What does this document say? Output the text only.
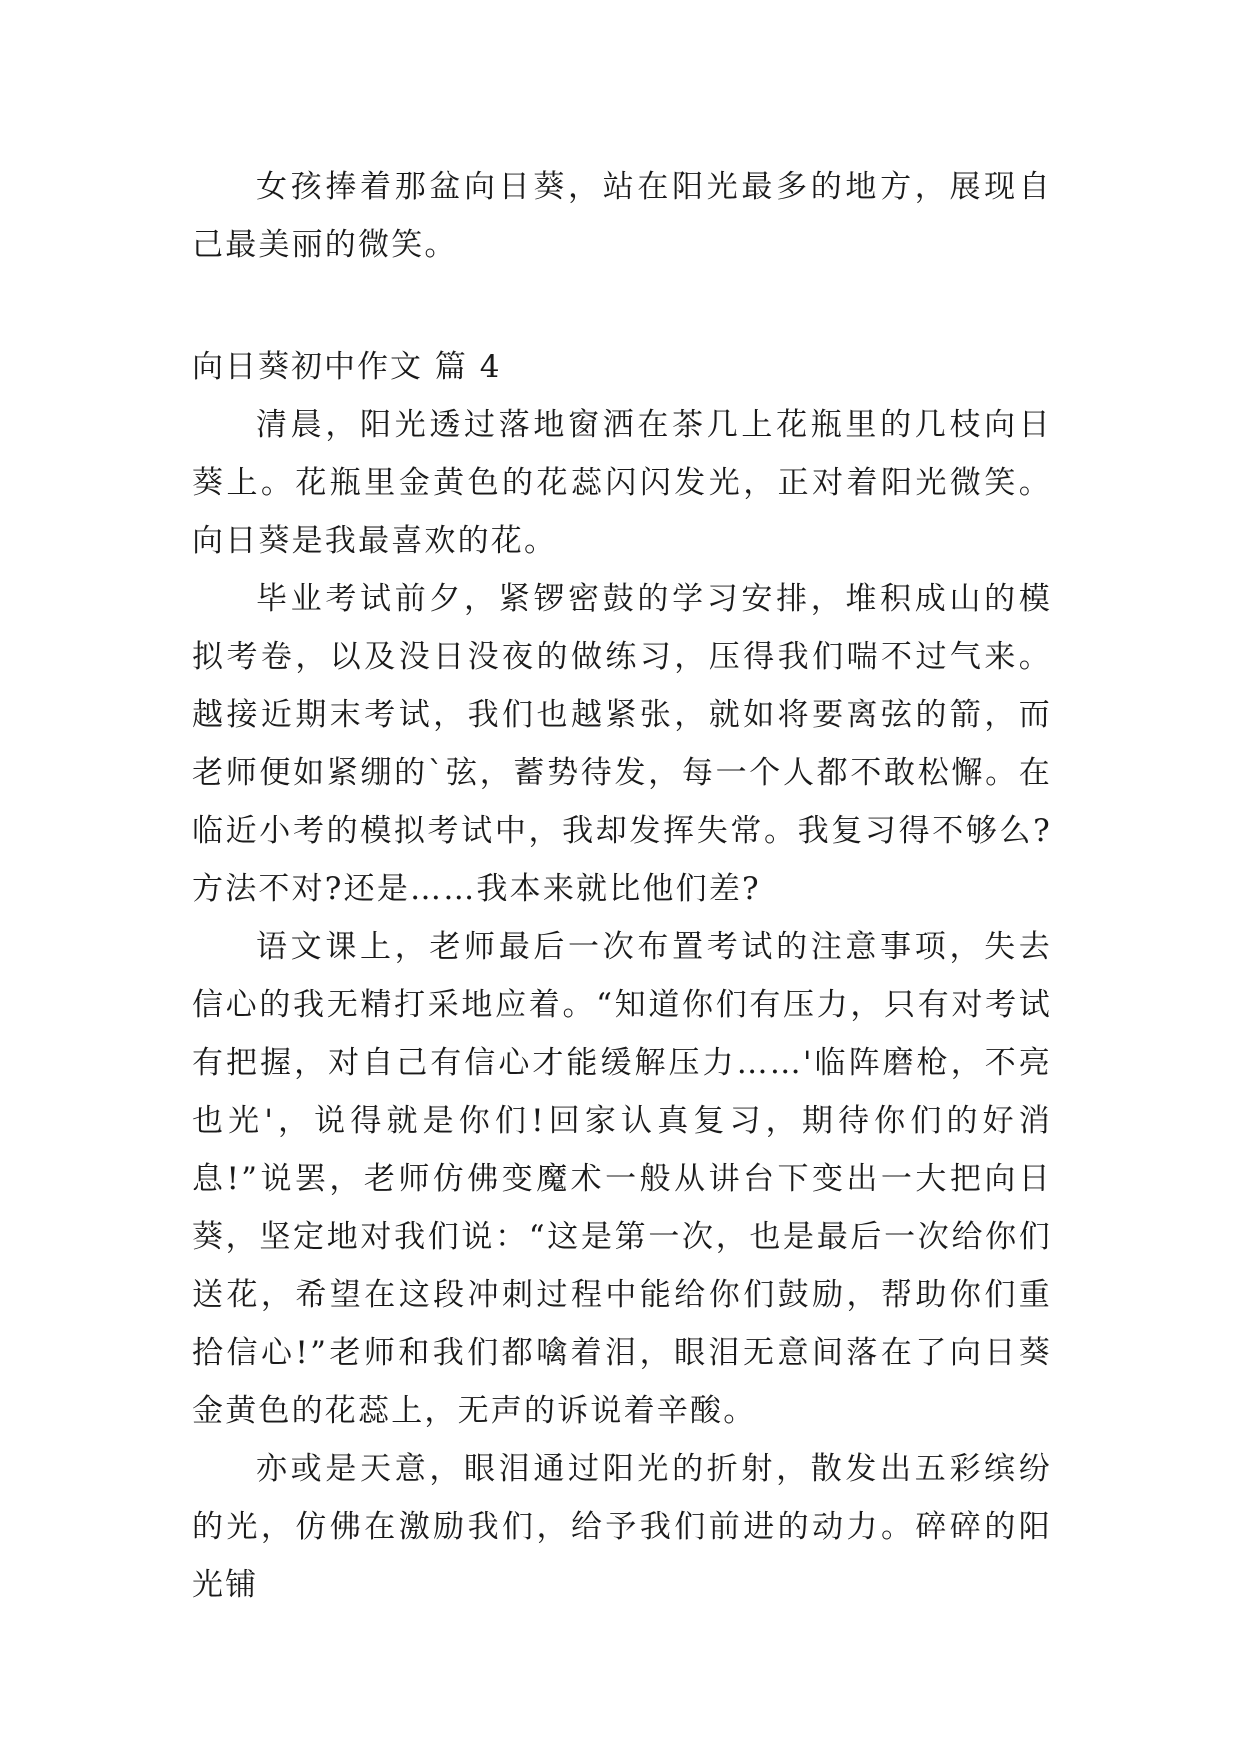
女孩捧着那盆向日葵，站在阳光最多的地方，展现自己最美丽的微笑。

向日葵初中作文 篇 4

清晨，阳光透过落地窗洒在茶几上花瓶里的几枝向日葵上。花瓶里金黄色的花蕊闪闪发光，正对着阳光微笑。向日葵是我最喜欢的花。

毕业考试前夕，紧锣密鼓的学习安排，堆积成山的模拟考卷，以及没日没夜的做练习，压得我们喘不过气来。越接近期末考试，我们也越紧张，就如将要离弦的箭，而老师便如紧绷的`弦，蓄势待发，每一个人都不敢松懈。在临近小考的模拟考试中，我却发挥失常。我复习得不够么?方法不对?还是……我本来就比他们差?

语文课上，老师最后一次布置考试的注意事项，失去信心的我无精打采地应着。“知道你们有压力，只有对考试有把握，对自己有信心才能缓解压力……'临阵磨枪，不亮也光'，说得就是你们!回家认真复习，期待你们的好消息!”说罢，老师仿佛变魔术一般从讲台下变出一大把向日葵，坚定地对我们说：“这是第一次，也是最后一次给你们送花，希望在这段冲刺过程中能给你们鼓励，帮助你们重拾信心!”老师和我们都噙着泪，眼泪无意间落在了向日葵金黄色的花蕊上，无声的诉说着辛酸。

亦或是天意，眼泪通过阳光的折射，散发出五彩缤纷的光，仿佛在激励我们，给予我们前进的动力。碎碎的阳光铺
